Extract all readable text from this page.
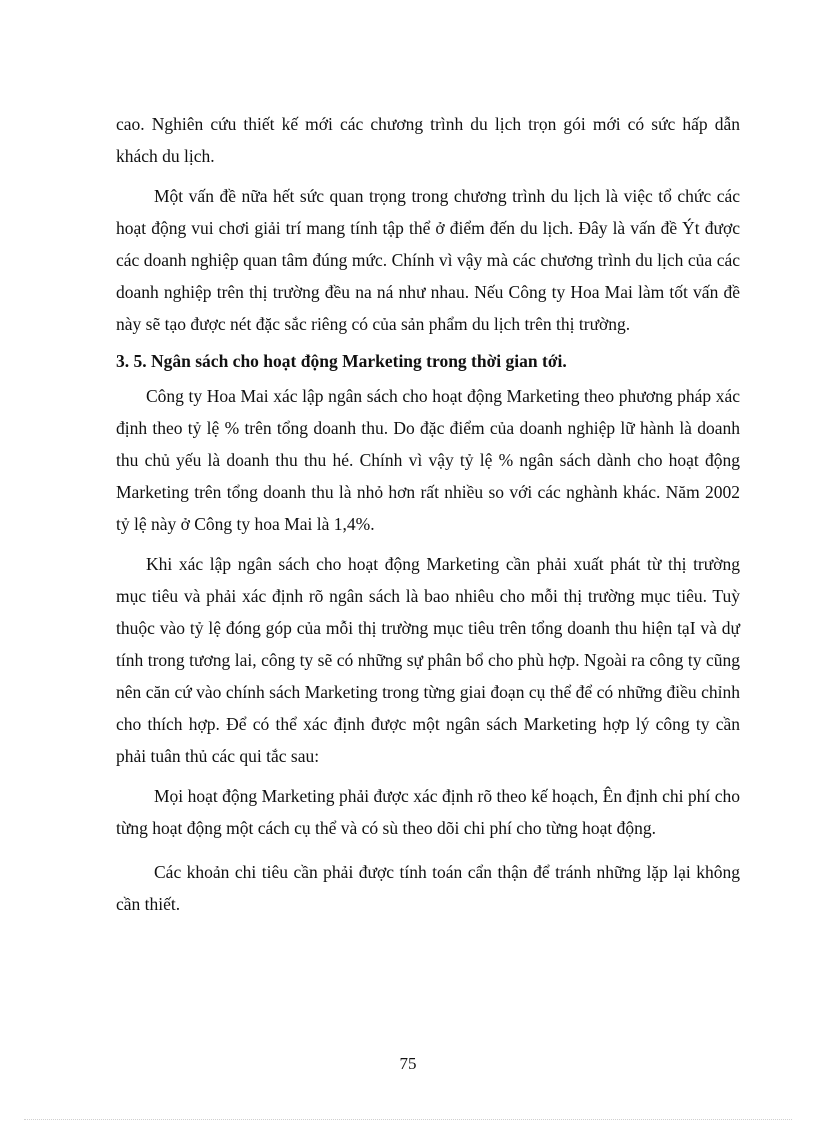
cao. Nghiên cứu thiết kế mới các chương trình du lịch trọn gói mới có sức hấp dẫn khách du lịch.

Một vấn đề nữa hết sức quan trọng trong chương trình du lịch là việc tổ chức các hoạt động vui chơi giải trí mang tính tập thể ở điểm đến du lịch. Đây là vấn đề Ýt được các doanh nghiệp quan tâm đúng mức. Chính vì vậy mà các chương trình du lịch của các doanh nghiệp trên thị trường đều na ná như nhau. Nếu Công ty Hoa Mai làm tốt vấn đề này sẽ tạo được nét đặc sắc riêng có của sản phẩm du lịch trên thị trường.

3. 5. Ngân sách cho hoạt động Marketing trong thời gian tới.

Công ty Hoa Mai xác lập ngân sách cho hoạt động Marketing theo phương pháp xác định theo tỷ lệ % trên tổng doanh thu. Do đặc điểm của doanh nghiệp lữ hành là doanh thu chủ yếu là doanh thu thu hé. Chính vì vậy tỷ lệ % ngân sách dành cho hoạt động Marketing trên tổng doanh thu là nhỏ hơn rất nhiều so với các nghành khác. Năm 2002 tỷ lệ này ở Công ty hoa Mai là 1,4%.

Khi xác lập ngân sách cho hoạt động Marketing cần phải xuất phát từ thị trường mục tiêu và phải xác định rõ ngân sách là bao nhiêu cho mỗi thị trường mục tiêu. Tuỳ thuộc vào tỷ lệ đóng góp của mỗi thị trường mục tiêu trên tổng doanh thu hiện tạI và dự tính trong tương lai, công ty sẽ có những sự phân bổ cho phù hợp. Ngoài ra công ty cũng nên căn cứ vào chính sách Marketing trong từng giai đoạn cụ thể để có những điều chỉnh cho thích hợp. Để có thể xác định được một ngân sách Marketing hợp lý công ty cần phải tuân thủ các qui tắc sau:

Mọi hoạt động Marketing phải được xác định rõ theo kế hoạch, Ên định chi phí cho từng hoạt động một cách cụ thể và có sù theo dõi chi phí cho từng hoạt động.

Các khoản chi tiêu cần phải được tính toán cẩn thận để tránh những lặp lại không cần thiết.

75
